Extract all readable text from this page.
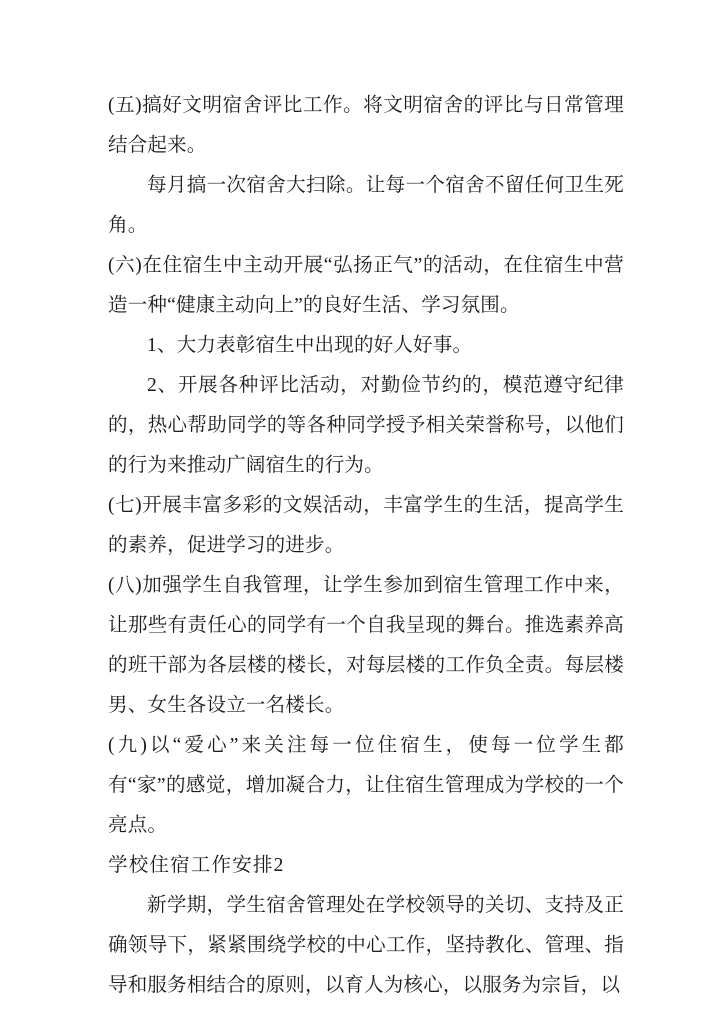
(五)搞好文明宿舍评比工作。将文明宿舍的评比与日常管理结合起来。

每月搞一次宿舍大扫除。让每一个宿舍不留任何卫生死角。

(六)在住宿生中主动开展“弘扬正气”的活动，在住宿生中营造一种“健康主动向上”的良好生活、学习氛围。

1、大力表彰宿生中出现的好人好事。

2、开展各种评比活动，对勤俭节约的，模范遵守纪律的，热心帮助同学的等各种同学授予相关荣誉称号，以他们的行为来推动广阔宿生的行为。

(七)开展丰富多彩的文娱活动，丰富学生的生活，提高学生的素养，促进学习的进步。

(八)加强学生自我管理，让学生参加到宿生管理工作中来，让那些有责任心的同学有一个自我呈现的舞台。推选素养高的班干部为各层楼的楼长，对每层楼的工作负全责。每层楼男、女生各设立一名楼长。

(九)以“爱心”来关注每一位住宿生，使每一位学生都有“家”的感觉，增加凝合力，让住宿生管理成为学校的一个亮点。

学校住宿工作安排2

新学期，学生宿舍管理处在学校领导的关切、支持及正确领导下，紧紧围绕学校的中心工作，坚持教化、管理、指导和服务相结合的原则，以育人为核心，以服务为宗旨，以
